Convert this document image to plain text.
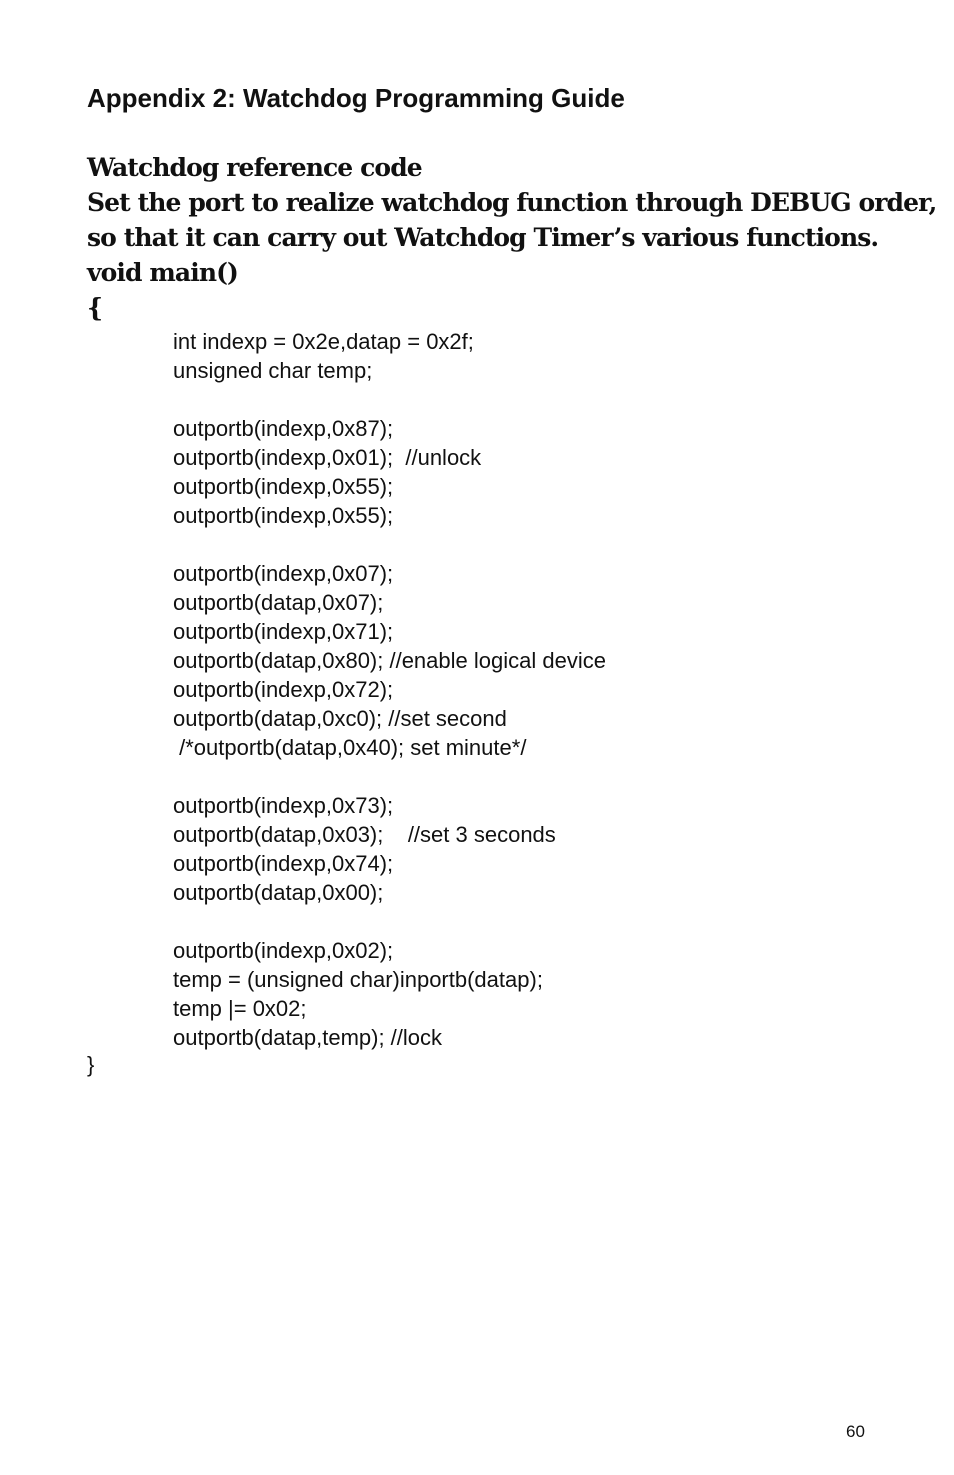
Appendix 2: Watchdog Programming Guide
Watchdog reference code
Set the port to realize watchdog function through DEBUG order,
so that it can carry out Watchdog Timer’s various functions.
void main()
{
int indexp = 0x2e,datap = 0x2f;
unsigned char temp;
outportb(indexp,0x87);
outportb(indexp,0x01);  //unlock
outportb(indexp,0x55);
outportb(indexp,0x55);
outportb(indexp,0x07);
outportb(datap,0x07);
outportb(indexp,0x71);
outportb(datap,0x80); //enable logical device
outportb(indexp,0x72);
outportb(datap,0xc0); //set second
/*outportb(datap,0x40); set minute*/
outportb(indexp,0x73);
outportb(datap,0x03);    //set 3 seconds
outportb(indexp,0x74);
outportb(datap,0x00);
outportb(indexp,0x02);
temp = (unsigned char)inportb(datap);
temp |= 0x02;
outportb(datap,temp); //lock
}
60
